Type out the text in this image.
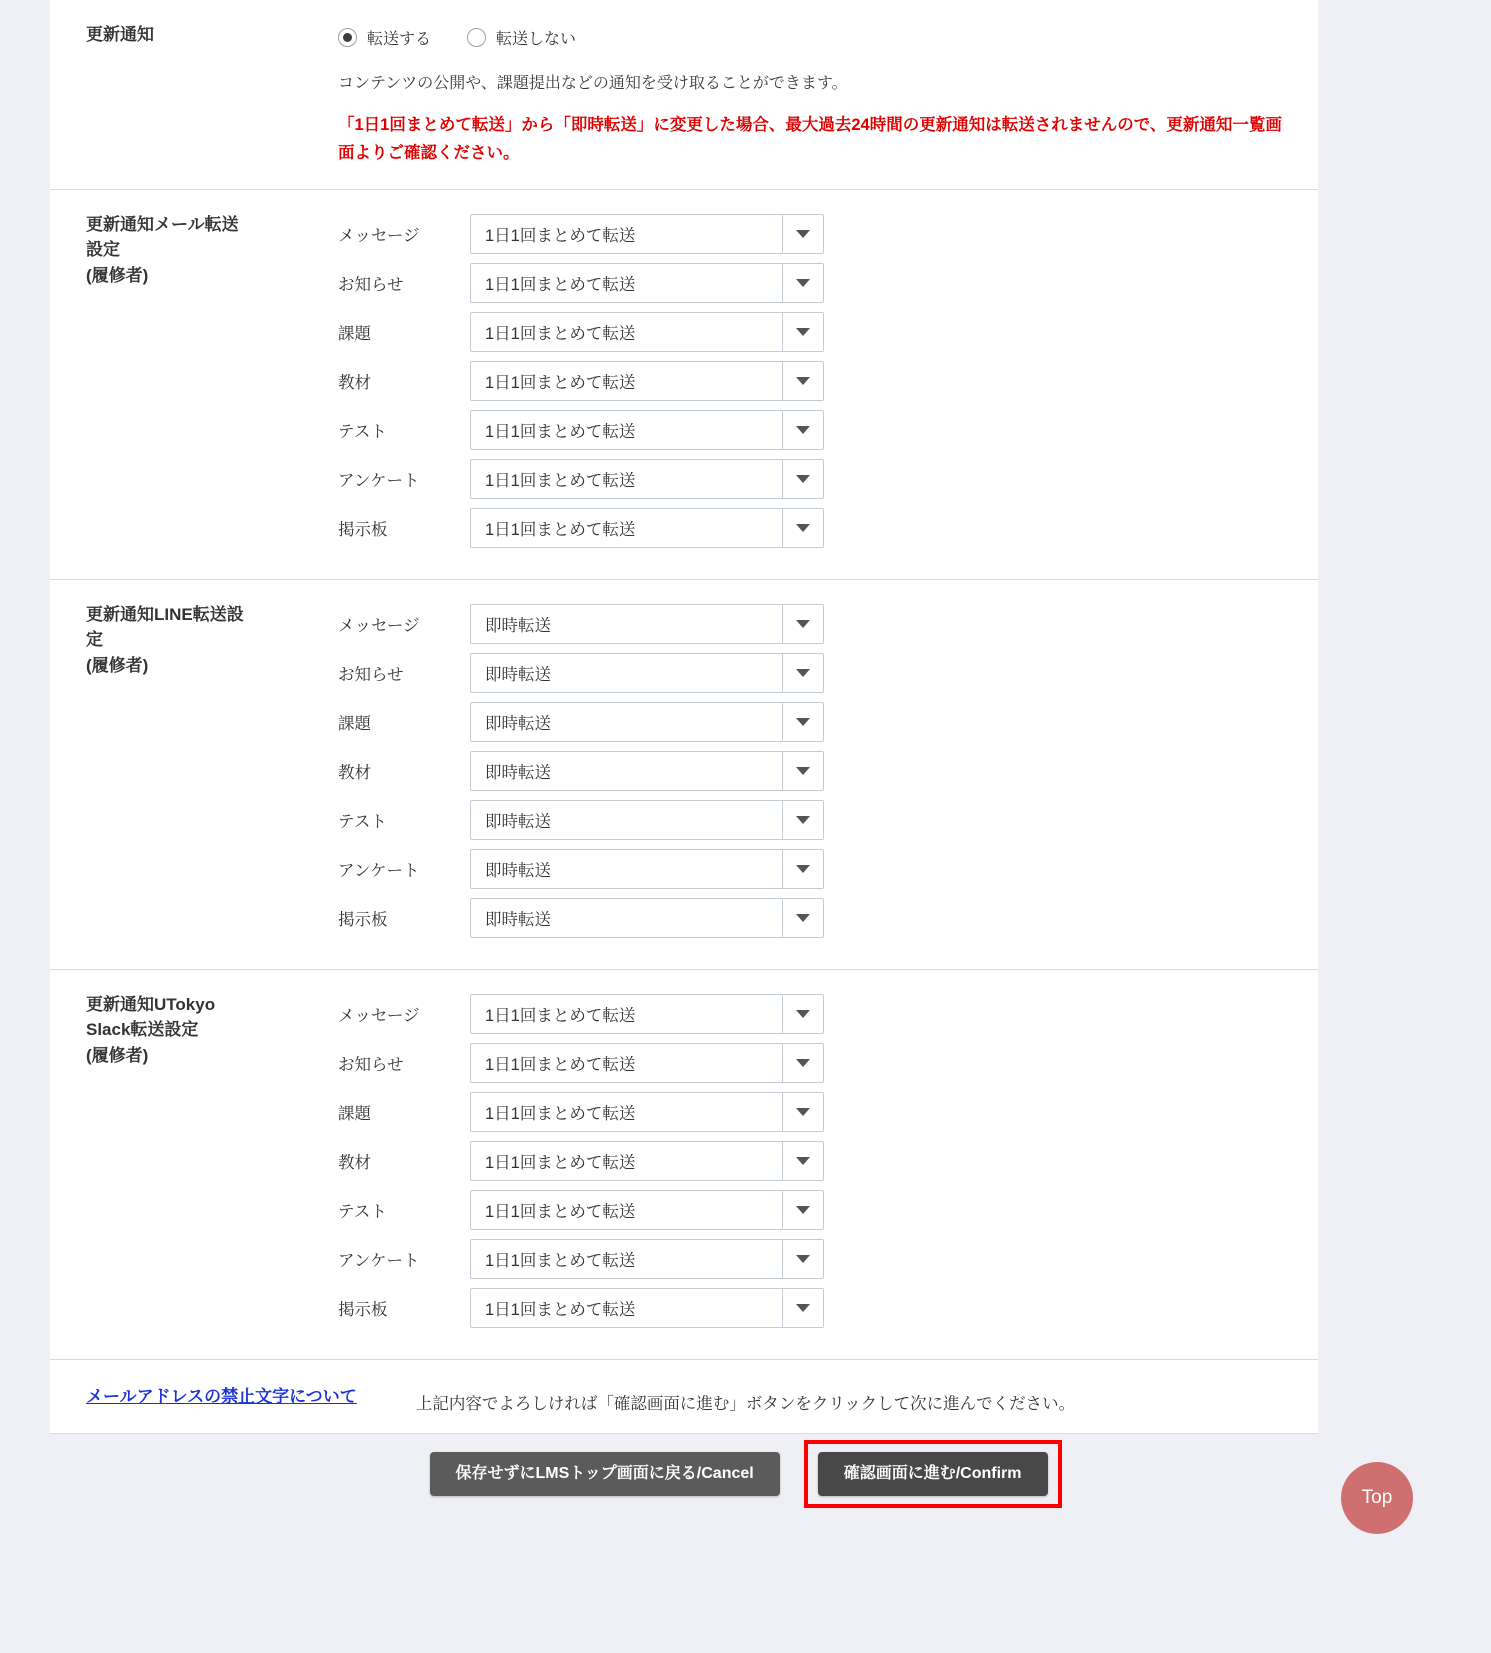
更新通知	転送する	転送しない

コンテンツの公開や、課題提出などの通知を受け取ることができます。

「1日1回まとめて転送」から「即時転送」に変更した場合、最大過去24時間の更新通知は転送されませんので、更新通知一覧画面よりご確認ください。

更新通知メール転送
設定
(履修者)
メッセージ	1日1回まとめて転送
お知らせ	1日1回まとめて転送
課題	1日1回まとめて転送
教材	1日1回まとめて転送
テスト	1日1回まとめて転送
アンケート	1日1回まとめて転送
掲示板	1日1回まとめて転送
更新通知LINE転送設
定
(履修者)
メッセージ	即時転送
お知らせ	即時転送
課題	即時転送
教材	即時転送
テスト	即時転送
アンケート	即時転送
掲示板	即時転送
更新通知UTokyo
Slack転送設定
(履修者)
メッセージ	1日1回まとめて転送
お知らせ	1日1回まとめて転送
課題	1日1回まとめて転送
教材	1日1回まとめて転送
テスト	1日1回まとめて転送
アンケート	1日1回まとめて転送
掲示板	1日1回まとめて転送
メールアドレスの禁止文字について	上記内容でよろしければ「確認画面に進む」ボタンをクリックして次に進んでください。
保存せずにLMSトップ画面に戻る/Cancel	確認画面に進む/Confirm
Top
